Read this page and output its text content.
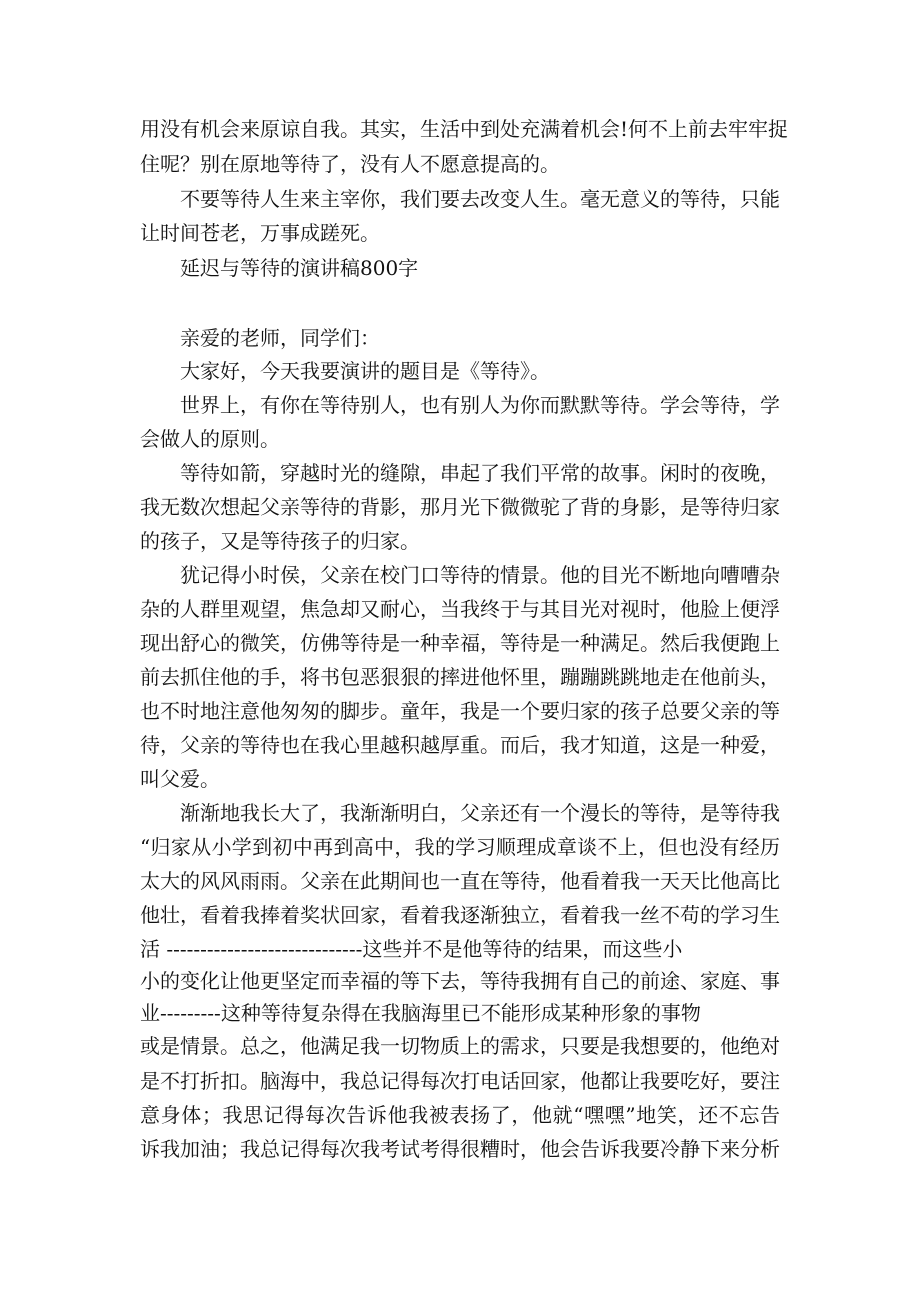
用没有机会来原谅自我。其实，生活中到处充满着机会!何不上前去牢牢捉
住呢？别在原地等待了，没有人不愿意提高的。
不要等待人生来主宰你，我们要去改变人生。毫无意义的等待，只能
让时间苍老，万事成蹉死。
延迟与等待的演讲稿800字
亲爱的老师，同学们：
大家好，今天我要演讲的题目是《等待》。
世界上，有你在等待别人，也有别人为你而默默等待。学会等待，学
会做人的原则。
等待如箭，穿越时光的缝隙，串起了我们平常的故事。闲时的夜晚，
我无数次想起父亲等待的背影，那月光下微微驼了背的身影，是等待归家
的孩子，又是等待孩子的归家。
犹记得小时侯，父亲在校门口等待的情景。他的目光不断地向嘈嘈杂
杂的人群里观望，焦急却又耐心，当我终于与其目光对视时，他脸上便浮
现出舒心的微笑，仿佛等待是一种幸福，等待是一种满足。然后我便跑上
前去抓住他的手，将书包恶狠狠的摔进他怀里，蹦蹦跳跳地走在他前头，
也不时地注意他匆匆的脚步。童年，我是一个要归家的孩子总要父亲的等
待，父亲的等待也在我心里越积越厚重。而后，我才知道，这是一种爱，
叫父爱。
渐渐地我长大了，我渐渐明白，父亲还有一个漫长的等待，是等待我
“归家从小学到初中再到高中，我的学习顺理成章谈不上，但也没有经历
太大的风风雨雨。父亲在此期间也一直在等待，他看着我一天天比他高比
他壮，看着我捧着奖状回家，看着我逐渐独立，看着我一丝不苟的学习生
活 -----------------------------这些并不是他等待的结果，而这些小
小的变化让他更坚定而幸福的等下去，等待我拥有自己的前途、家庭、事
业---------这种等待复杂得在我脑海里已不能形成某种形象的事物
或是情景。总之，他满足我一切物质上的需求，只要是我想要的，他绝对
是不打折扣。脑海中，我总记得每次打电话回家，他都让我要吃好，要注
意身体；我思记得每次告诉他我被表扬了，他就“嘿嘿”地笑，还不忘告
诉我加油；我总记得每次我考试考得很糟时，他会告诉我要冷静下来分析
